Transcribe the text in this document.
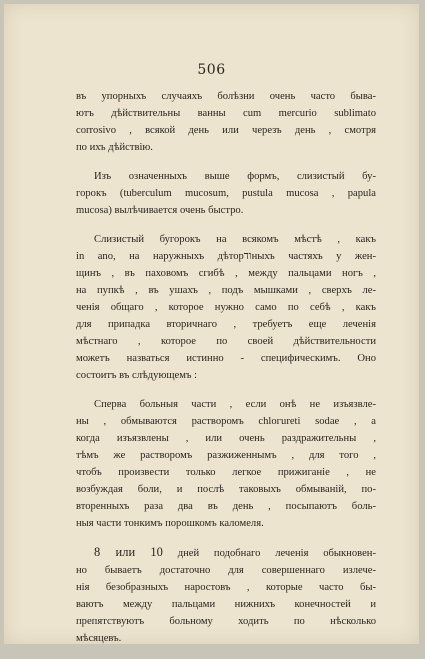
506

въ упорныхъ случаяхъ болѣзни очень часто быва-
ютъ дѣйствительны ванны cum mercurio sublimato
corrosivo , всякой день или черезъ день , смотря
по ихъ дѣйствію.

Изъ означенныхъ выше формъ, слизистый бу-
горокъ (tuberculum mucosum, pustula mucosa , papula
mucosa) вылѣчивается очень быстро.

Слизистый бугорокъ на всякомъ мѣстѣ , какъ
in ano, на наружныхъ дѣторודныхъ частяхъ у жен-
щинъ , въ паховомъ сгибѣ , между пальцами ногъ ,
на пупкѣ , въ ушахъ , подъ мышками , сверхъ ле-
ченія общаго , которое нужно само по себѣ , какъ
для припадка вторичнаго , требуетъ еще леченія
мѣстнаго , которое по своей дѣйствительности
можетъ назваться истинно - специфическимъ. Оно
состоитъ въ слѣдующемъ :

Сперва больныя части , если онѣ не изъязвле-
ны , обмываются растворомъ chloгureti sodae , а
когда изъязвлены , или очень раздражительны ,
тѣмъ же растворомъ разжиженнымъ , для того ,
чтобъ произвести только легкое прижиганіе , не
возбуждая боли, и послѣ таковыхъ обмываній, по-
вторенныхъ раза два въ день , посыпаютъ боль-
ныя части тонкимъ порошкомъ каломеля.

8 или 10 дней подобнаго леченія обыкновен-
но бываетъ достаточно для совершеннаго излече-
нія безобразныхъ наростовъ , которые часто бы-
ваютъ между пальцами нижнихъ конечностей и
препятствуютъ больному ходить по нѣсколько
мѣсяцевъ.
